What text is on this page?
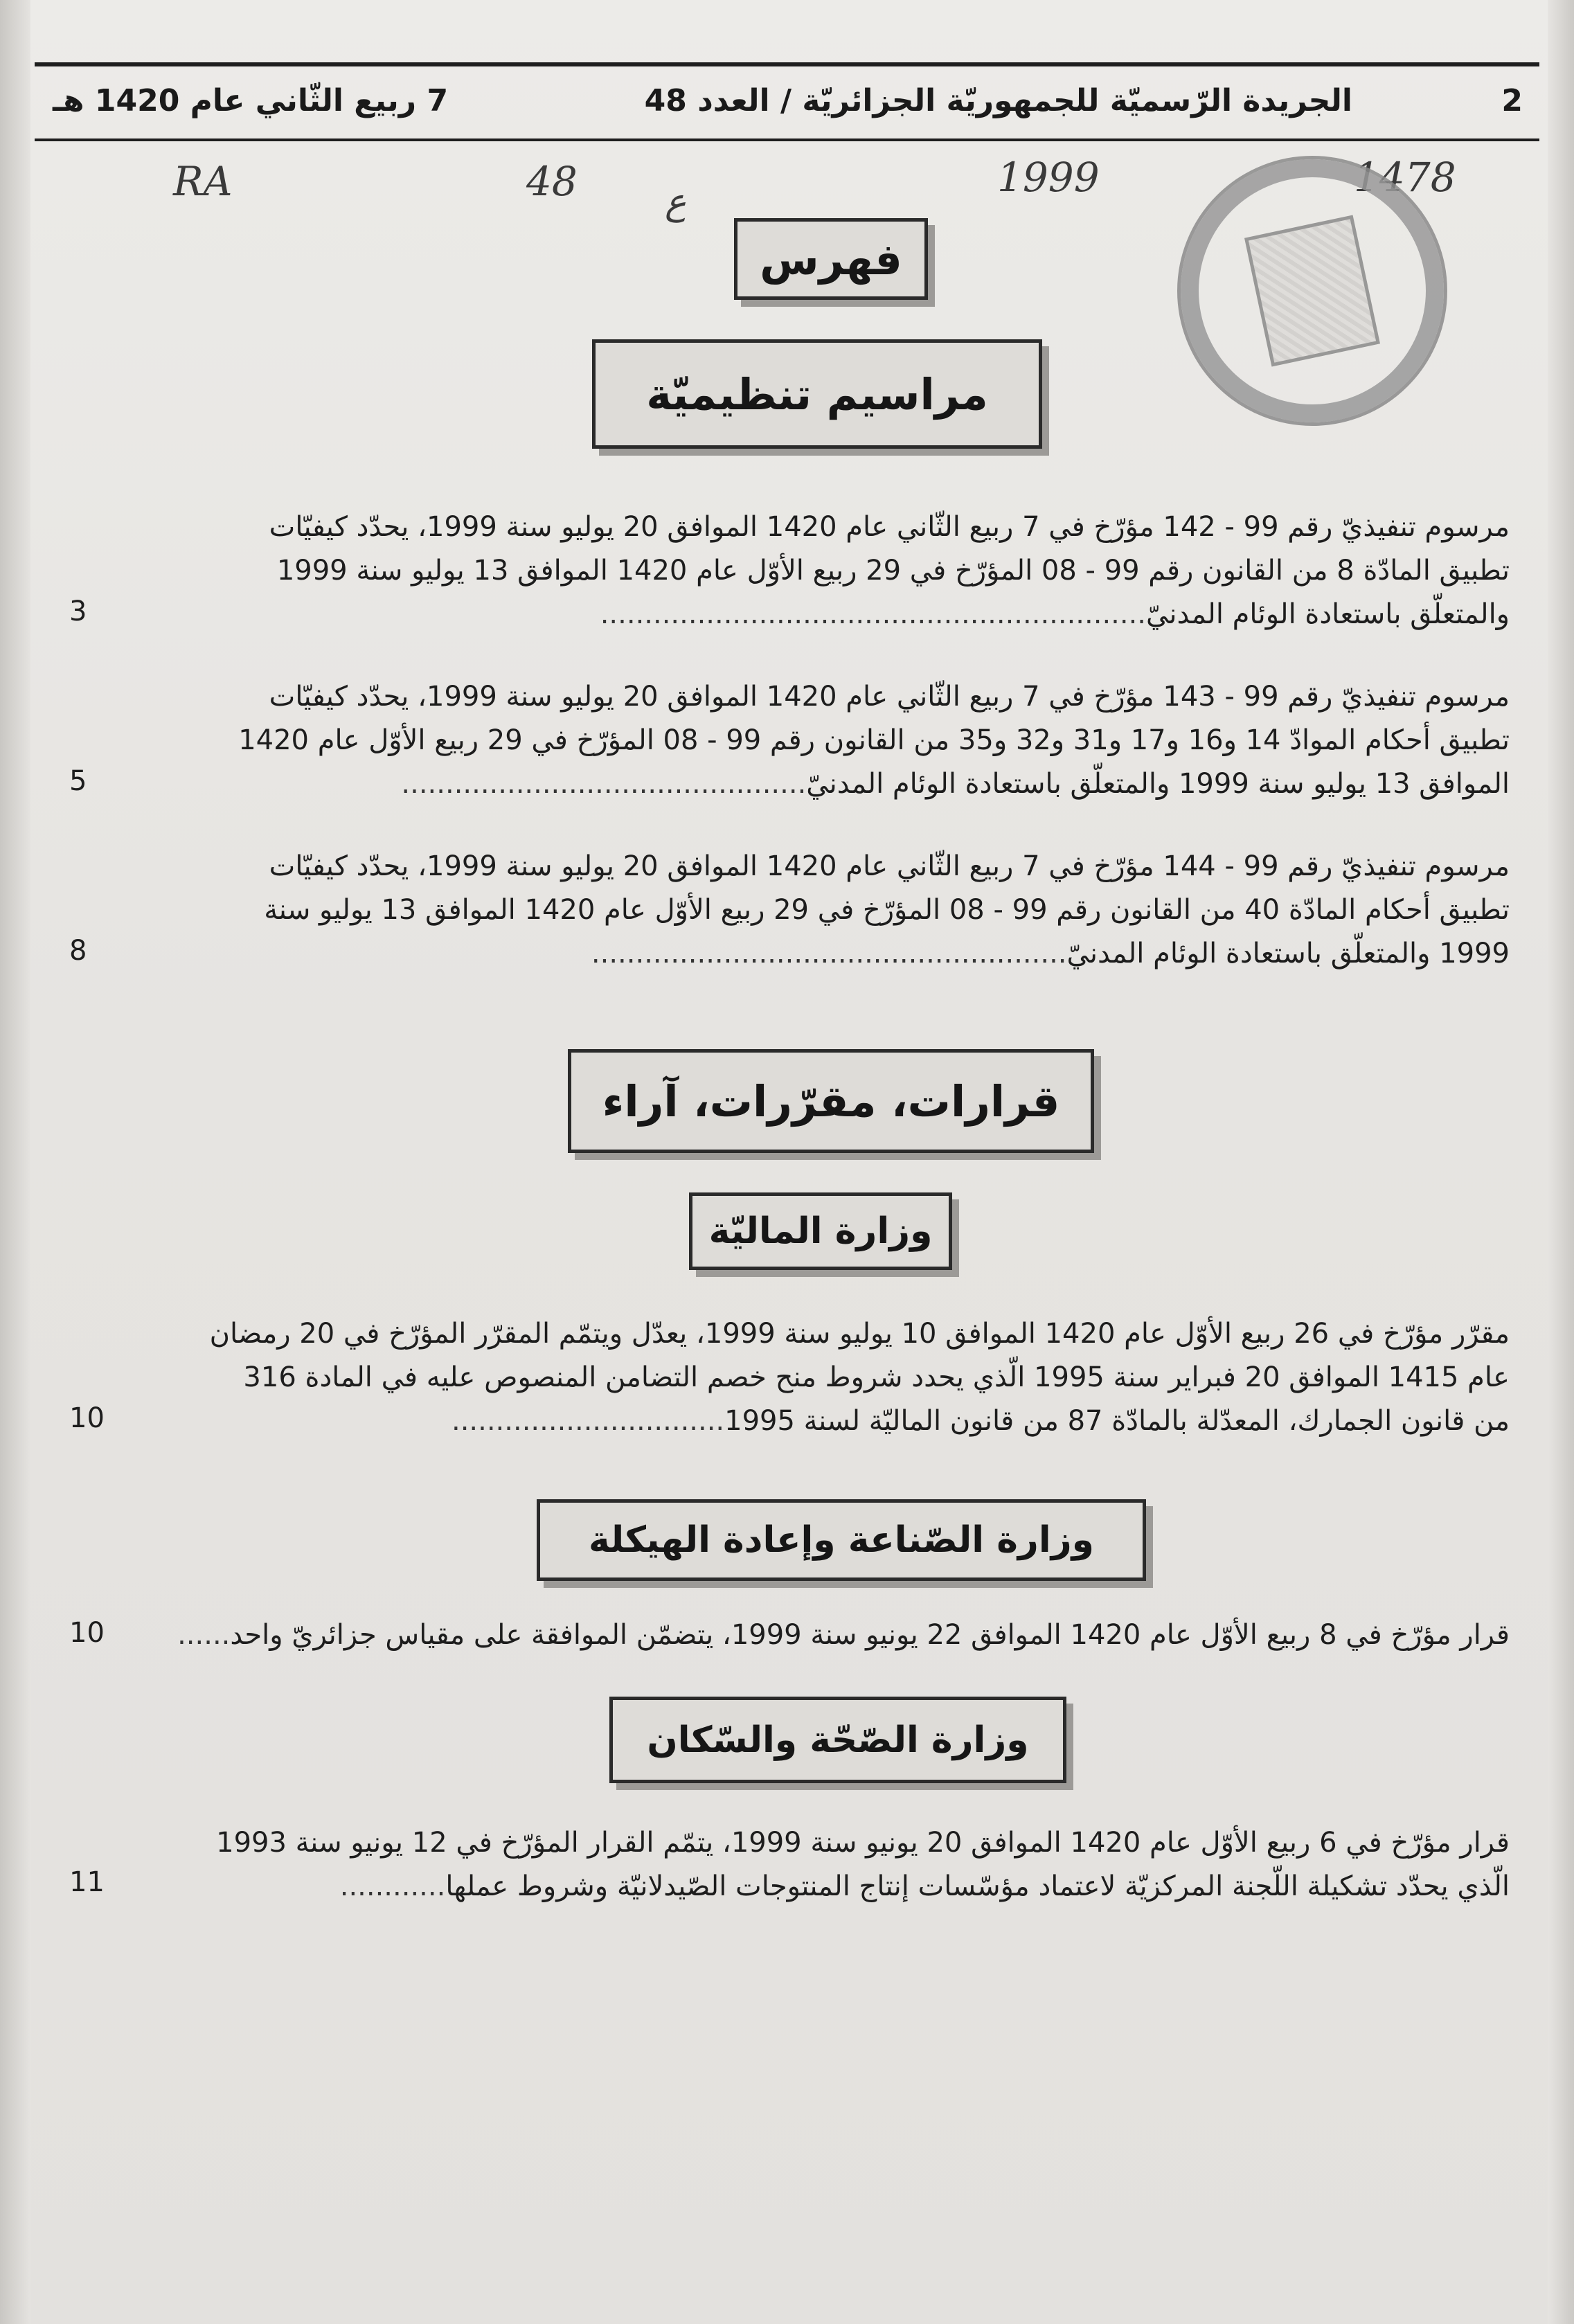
2
الجريدة الرّسميّة للجمهوريّة الجزائريّة / العدد 48
7 ربيع الثّاني عام 1420 هـ
1478
1999
ع
48
RA
فهرس
مراسيم تنظيميّة

مرسوم تنفيذيّ رقم 99 - 142 مؤرّخ في 7 ربيع الثّاني عام 1420 الموافق 20 يوليو سنة 1999، يحدّد كيفيّات

تطبيق المادّة 8 من القانون رقم 99 - 08 المؤرّخ في 29 ربيع الأوّل عام 1420 الموافق 13 يوليو سنة 1999

والمتعلّق باستعادة الوئام المدنيّ..............................................................

3

مرسوم تنفيذيّ رقم 99 - 143 مؤرّخ في 7 ربيع الثّاني عام 1420 الموافق 20 يوليو سنة 1999، يحدّد كيفيّات

تطبيق أحكام الموادّ 14 و16 و17 و31 و32 و35 من القانون رقم 99 - 08 المؤرّخ في 29 ربيع الأوّل عام 1420

الموافق 13 يوليو سنة 1999 والمتعلّق باستعادة الوئام المدنيّ..............................................

5

مرسوم تنفيذيّ رقم 99 - 144 مؤرّخ في 7 ربيع الثّاني عام 1420 الموافق 20 يوليو سنة 1999، يحدّد كيفيّات

تطبيق أحكام المادّة 40 من القانون رقم 99 - 08 المؤرّخ في 29 ربيع الأوّل عام 1420 الموافق 13 يوليو سنة

1999 والمتعلّق باستعادة الوئام المدنيّ......................................................

8
قرارات، مقرّرات، آراء
وزارة الماليّة

مقرّر مؤرّخ في 26 ربيع الأوّل عام 1420 الموافق 10 يوليو سنة 1999، يعدّل ويتمّم المقرّر المؤرّخ في 20 رمضان

عام 1415 الموافق 20 فبراير سنة 1995 الّذي يحدد شروط منح خصم التضامن المنصوص عليه في المادة 316

من قانون الجمارك، المعدّلة بالمادّة 87 من قانون الماليّة لسنة 1995...............................

10
وزارة الصّناعة وإعادة الهيكلة

قرار مؤرّخ في 8 ربيع الأوّل عام 1420 الموافق 22 يونيو سنة 1999، يتضمّن الموافقة على مقياس جزائريّ واحد......

10
وزارة الصّحّة والسّكان

قرار مؤرّخ في 6 ربيع الأوّل عام 1420 الموافق 20 يونيو سنة 1999، يتمّم القرار المؤرّخ في 12 يونيو سنة 1993

الّذي يحدّد تشكيلة اللّجنة المركزيّة لاعتماد مؤسّسات إنتاج المنتوجات الصّيدلانيّة وشروط عملها............

11
